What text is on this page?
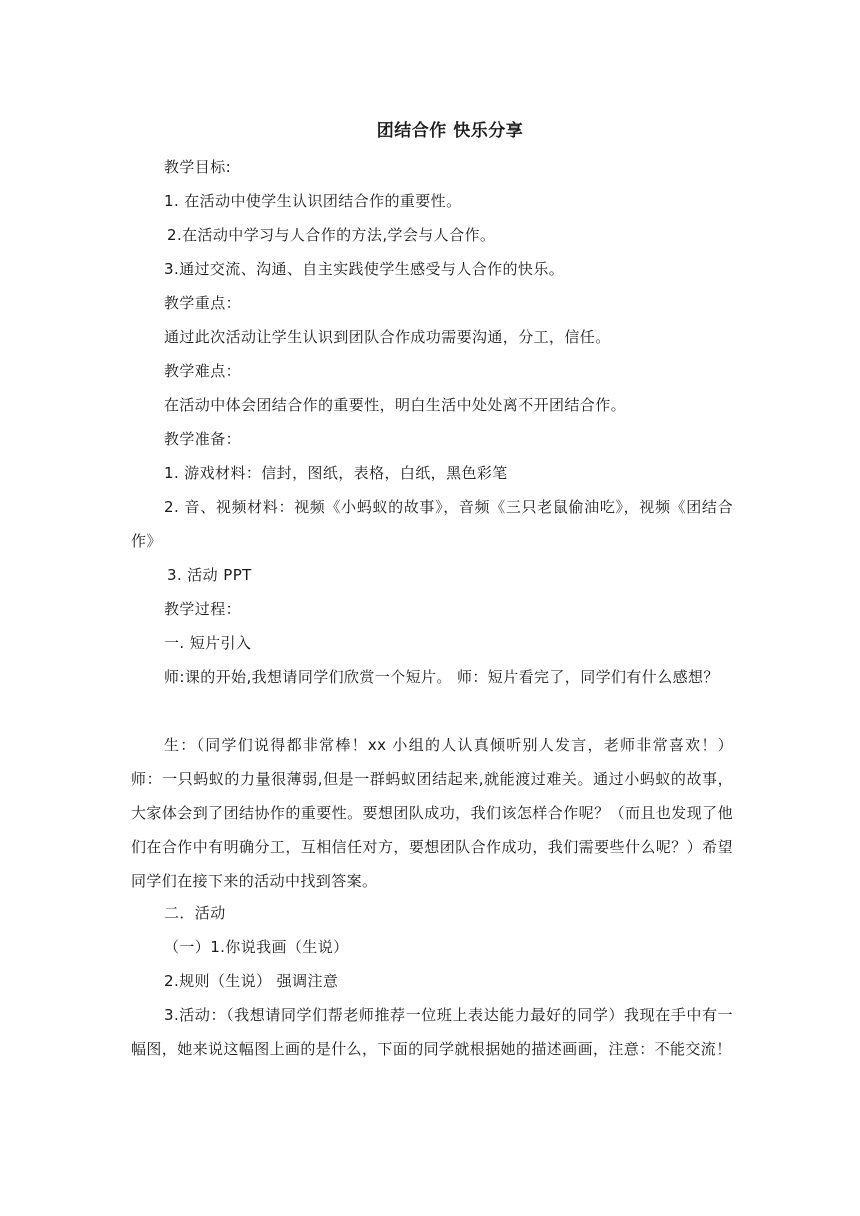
团结合作 快乐分享
教学目标:
1. 在活动中使学生认识团结合作的重要性。
2.在活动中学习与人合作的方法,学会与人合作。
3.通过交流、沟通、自主实践使学生感受与人合作的快乐。
教学重点：
通过此次活动让学生认识到团队合作成功需要沟通，分工，信任。
教学难点：
在活动中体会团结合作的重要性，明白生活中处处离不开团结合作。
教学准备：
1. 游戏材料：信封，图纸，表格，白纸，黑色彩笔
2. 音、视频材料：视频《小蚂蚁的故事》，音频《三只老鼠偷油吃》，视频《团结合作》
3. 活动 PPT
教学过程：
一. 短片引入
师:课的开始,我想请同学们欣赏一个短片。 师：短片看完了，同学们有什么感想？
生：（同学们说得都非常棒！xx 小组的人认真倾听别人发言，老师非常喜欢！） 师：一只蚂蚁的力量很薄弱,但是一群蚂蚁团结起来,就能渡过难关。通过小蚂蚁的故事，大家体会到了团结协作的重要性。要想团队成功，我们该怎样合作呢？（而且也发现了他们在合作中有明确分工，互相信任对方，要想团队合作成功，我们需要些什么呢？）希望同学们在接下来的活动中找到答案。
二．活动
（一）1.你说我画（生说）
2.规则（生说） 强调注意
3.活动：（我想请同学们帮老师推荐一位班上表达能力最好的同学）我现在手中有一幅图，她来说这幅图上画的是什么，下面的同学就根据她的描述画画，注意：不能交流！
